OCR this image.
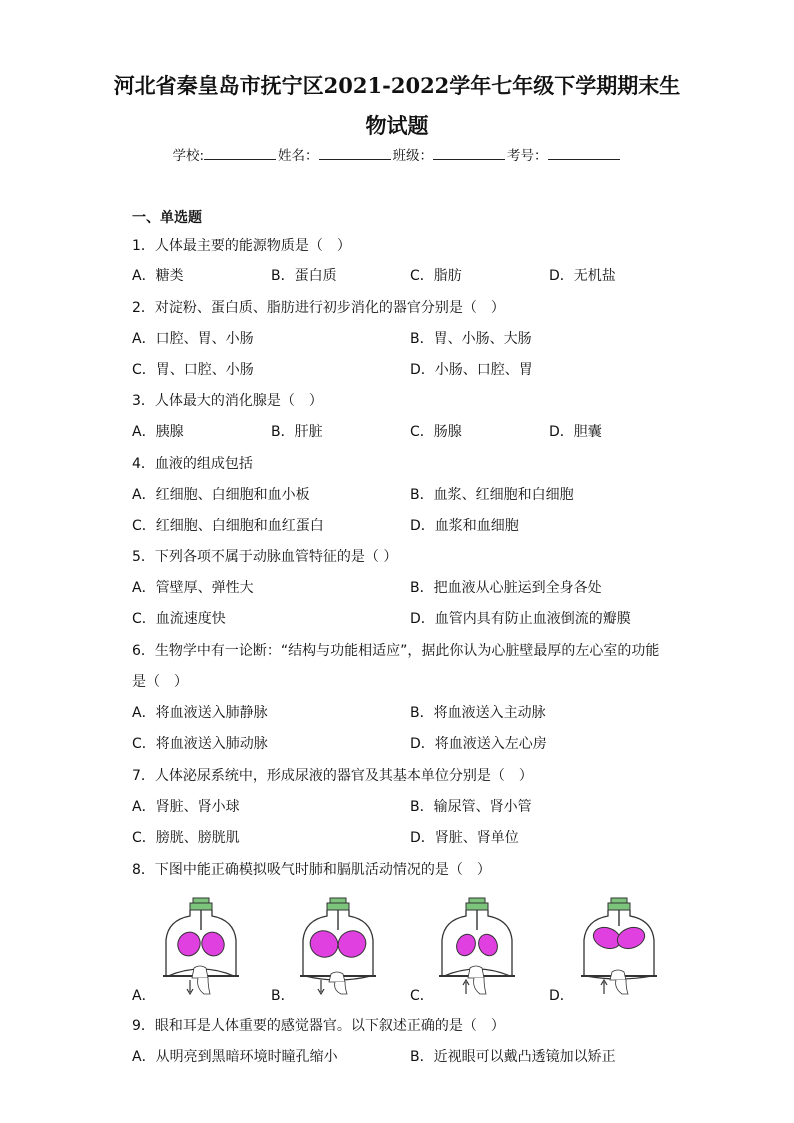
河北省秦皇岛市抚宁区2021-2022学年七年级下学期期末生
物试题
学校:	姓名：	班级：	考号：
一、单选题
1．人体最主要的能源物质是（　）
A．糖类	B．蛋白质	C．脂肪	D．无机盐
2．对淀粉、蛋白质、脂肪进行初步消化的器官分别是（　）
A．口腔、胃、小肠	B．胃、小肠、大肠
C．胃、口腔、小肠	D．小肠、口腔、胃
3．人体最大的消化腺是（　）
A．胰腺	B．肝脏	C．肠腺	D．胆囊
4．血液的组成包括
A．红细胞、白细胞和血小板	B．血浆、红细胞和白细胞
C．红细胞、白细胞和血红蛋白	D．血浆和血细胞
5．下列各项不属于动脉血管特征的是（ ）
A．管壁厚、弹性大	B．把血液从心脏运到全身各处
C．血流速度快	D．血管内具有防止血液倒流的瓣膜
6．生物学中有一论断：“结构与功能相适应”，据此你认为心脏壁最厚的左心室的功能
是（　）
A．将血液送入肺静脉	B．将血液送入主动脉
C．将血液送入肺动脉	D．将血液送入左心房
7．人体泌尿系统中，形成尿液的器官及其基本单位分别是（　）
A．肾脏、肾小球	B．输尿管、肾小管
C．膀胱、膀胱肌	D．肾脏、肾单位
8．下图中能正确模拟吸气时肺和膈肌活动情况的是（　）
A．	B．	C．	D．
9．眼和耳是人体重要的感觉器官。以下叙述正确的是（　）
A．从明亮到黑暗环境时瞳孔缩小	B．近视眼可以戴凸透镜加以矫正
